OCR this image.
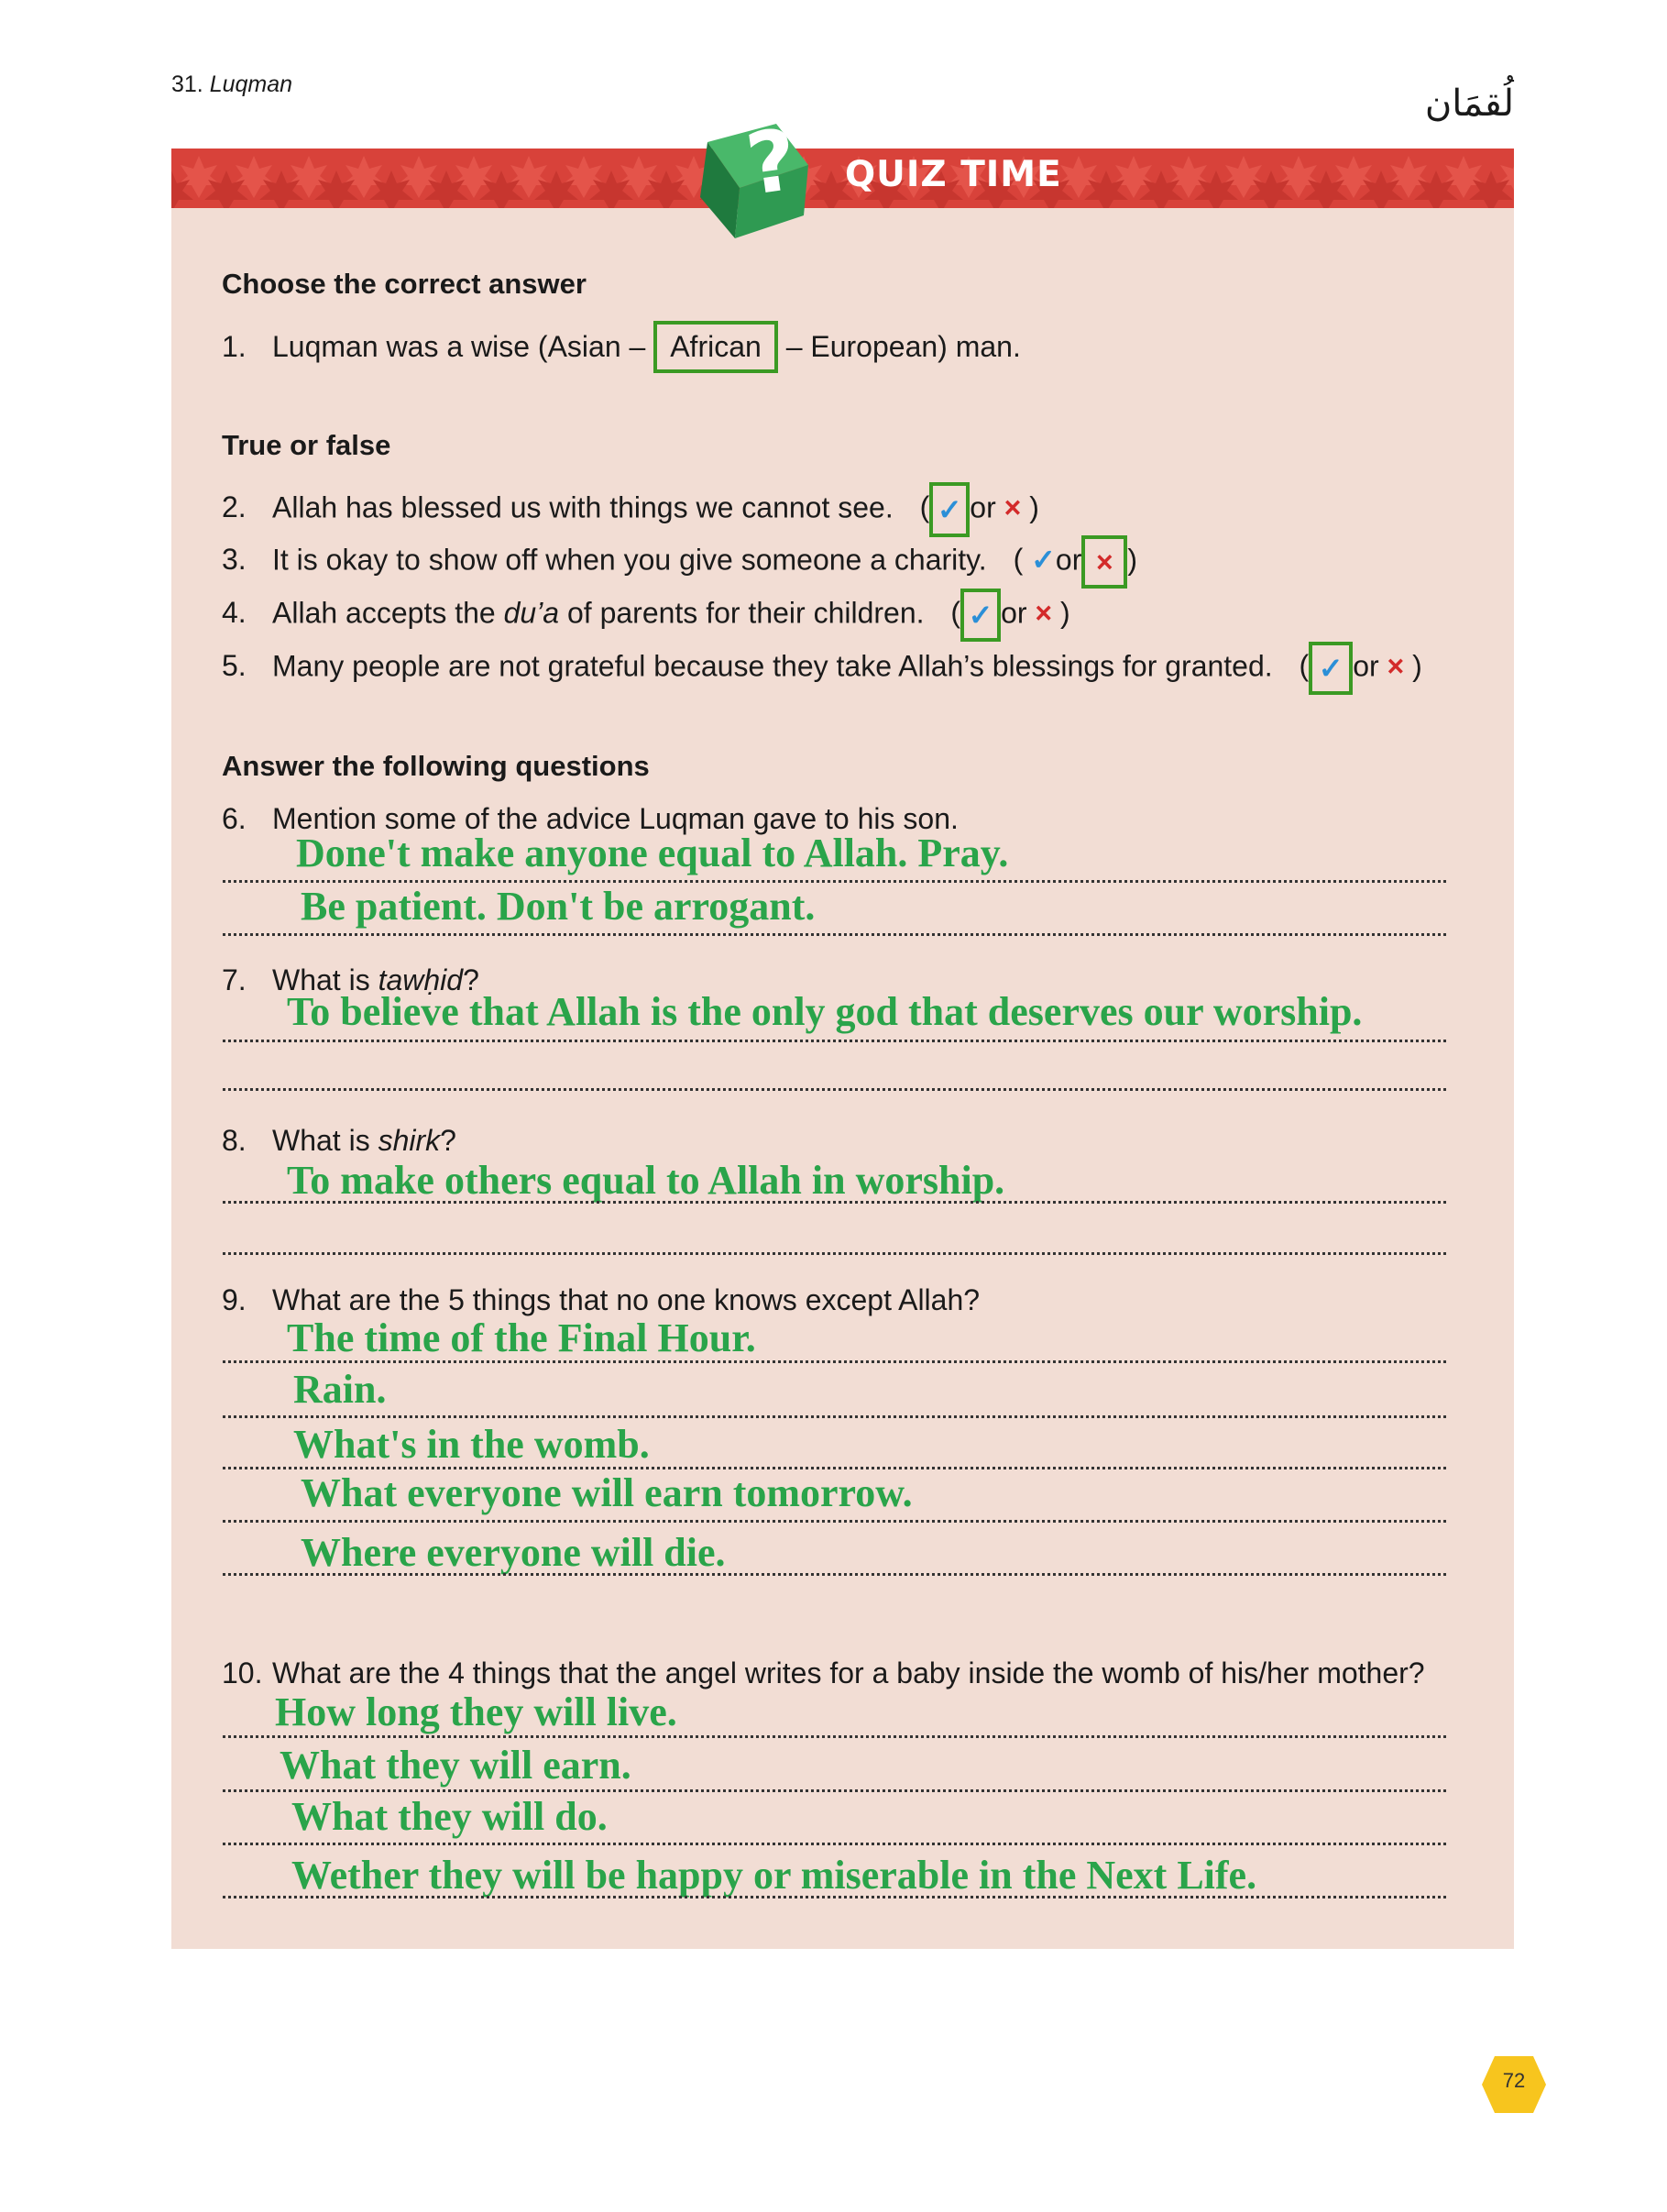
31. Luqman	لُقمَان
? QUIZ TIME
Choose the correct answer
1. Luqman was a wise (Asian – African – European) man.
True or false
2. Allah has blessed us with things we cannot see. ( ✓ or × )
3. It is okay to show off when you give someone a charity. ( ✓or × )
4. Allah accepts the du’a of parents for their children. ( ✓ or × )
5. Many people are not grateful because they take Allah’s blessings for granted. ( ✓ or × )
Answer the following questions
6. Mention some of the advice Luqman gave to his son.
Done't make anyone equal to Allah. Pray.
Be patient. Don't be arrogant.
7. What is tawḥid?
To believe that Allah is the only god that deserves our worship.
8. What is shirk?
To make others equal to Allah in worship.
9. What are the 5 things that no one knows except Allah?
The time of the Final Hour.
Rain.
What's in the womb.
What everyone will earn tomorrow.
Where everyone will die.
10. What are the 4 things that the angel writes for a baby inside the womb of his/her mother?
How long they will live.
What they will earn.
What they will do.
Wether they will be happy or miserable in the Next Life.
72
